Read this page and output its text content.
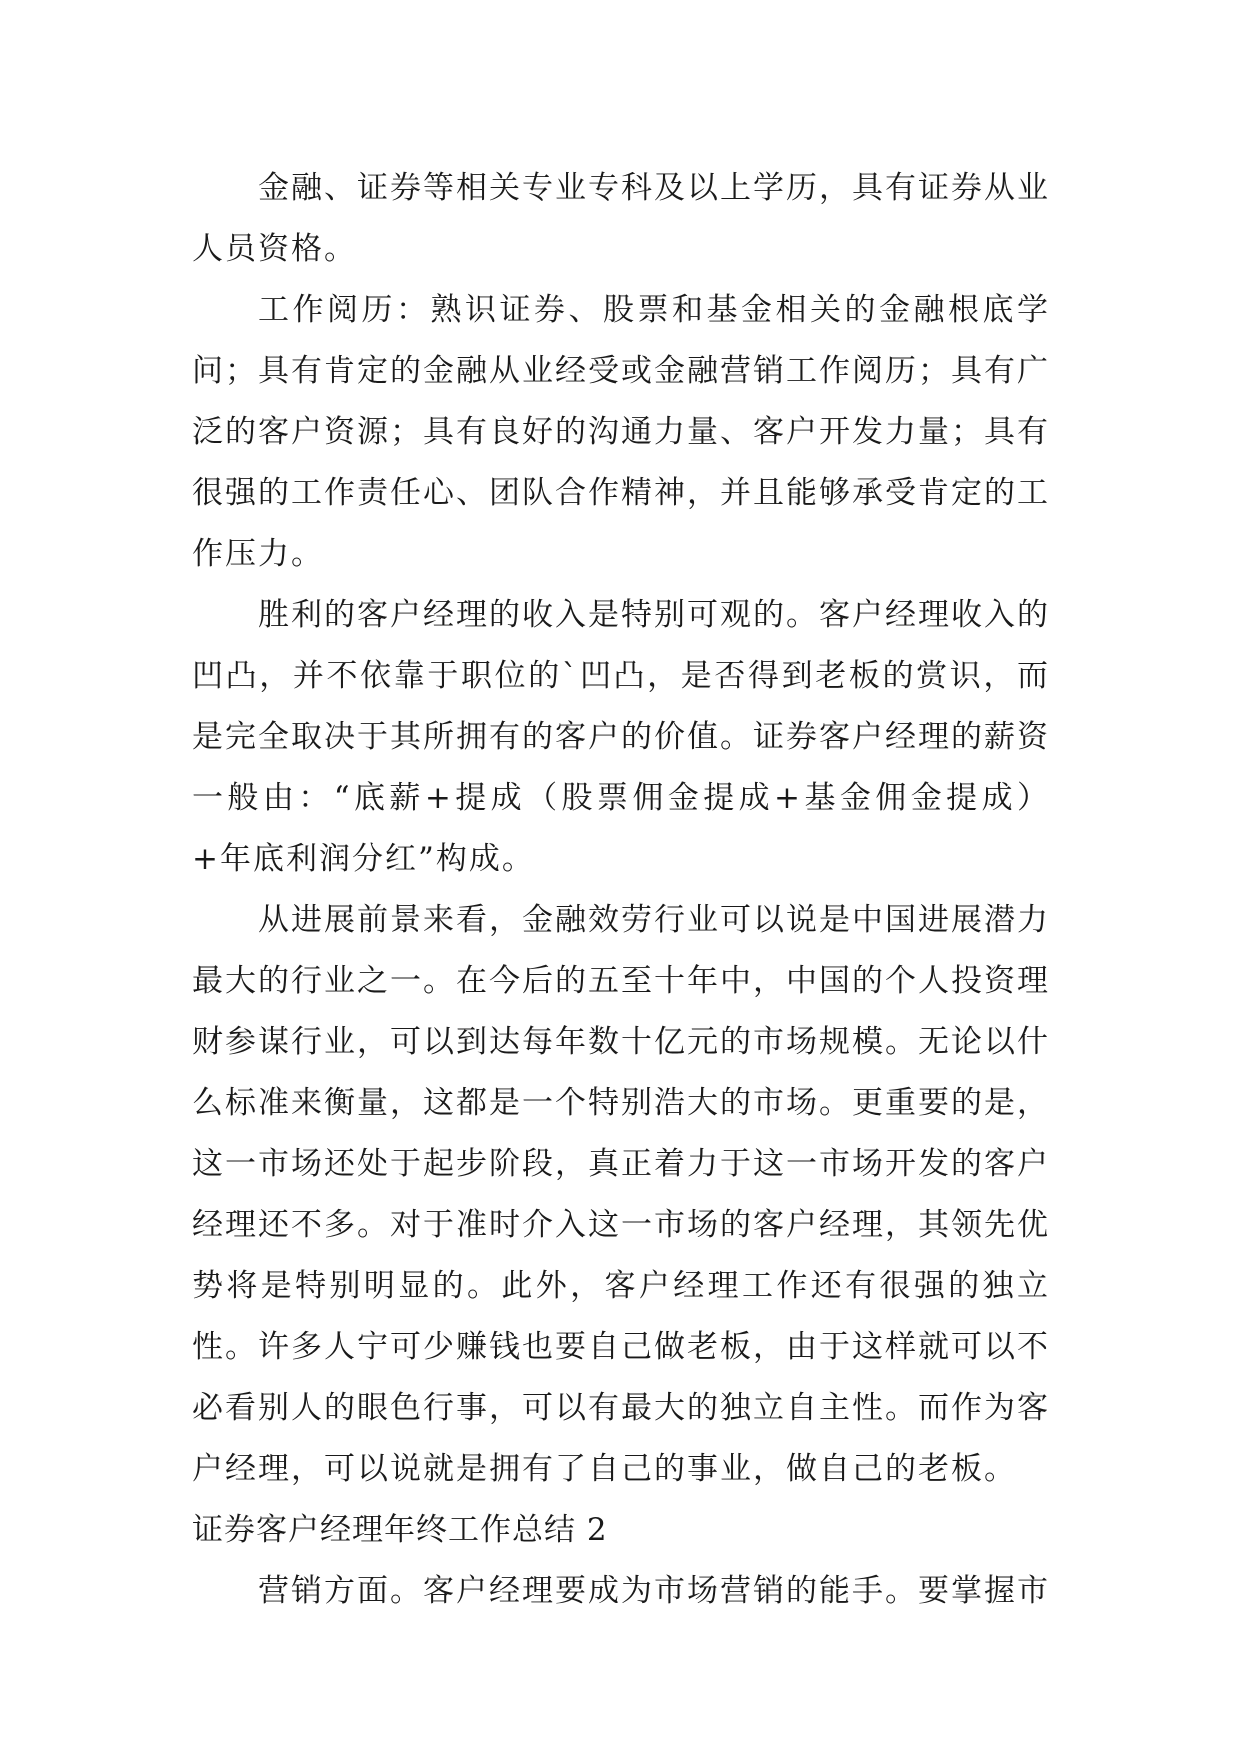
金融、证券等相关专业专科及以上学历，具有证券从业人员资格。

工作阅历：熟识证券、股票和基金相关的金融根底学问；具有肯定的金融从业经受或金融营销工作阅历；具有广泛的客户资源；具有良好的沟通力量、客户开发力量；具有很强的工作责任心、团队合作精神，并且能够承受肯定的工作压力。

胜利的客户经理的收入是特别可观的。客户经理收入的凹凸，并不依靠于职位的`凹凸，是否得到老板的赏识，而是完全取决于其所拥有的客户的价值。证券客户经理的薪资一般由：“底薪+提成（股票佣金提成+基金佣金提成）+年底利润分红”构成。

从进展前景来看，金融效劳行业可以说是中国进展潜力最大的行业之一。在今后的五至十年中，中国的个人投资理财参谋行业，可以到达每年数十亿元的市场规模。无论以什么标准来衡量，这都是一个特别浩大的市场。更重要的是，这一市场还处于起步阶段，真正着力于这一市场开发的客户经理还不多。对于准时介入这一市场的客户经理，其领先优势将是特别明显的。此外，客户经理工作还有很强的独立性。许多人宁可少赚钱也要自己做老板，由于这样就可以不必看别人的眼色行事，可以有最大的独立自主性。而作为客户经理，可以说就是拥有了自己的事业，做自己的老板。

证券客户经理年终工作总结 2

营销方面。客户经理要成为市场营销的能手。要掌握市
